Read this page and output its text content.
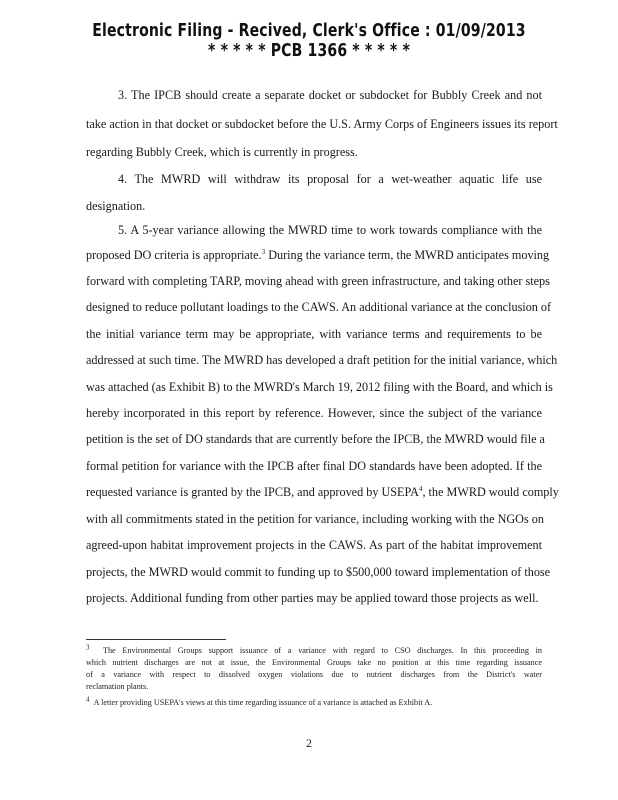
Electronic Filing - Recived, Clerk's Office : 01/09/2013
* * * * * PCB 1366 * * * * *
3. The IPCB should create a separate docket or subdocket for Bubbly Creek and not
take action in that docket or subdocket before the U.S. Army Corps of Engineers issues its report
regarding Bubbly Creek, which is currently in progress.
4. The MWRD will withdraw its proposal for a wet-weather aquatic life use
designation.
5. A 5-year variance allowing the MWRD time to work towards compliance with the
proposed DO criteria is appropriate.$^3$ During the variance term, the MWRD anticipates moving
forward with completing TARP, moving ahead with green infrastructure, and taking other steps
designed to reduce pollutant loadings to the CAWS. An additional variance at the conclusion of
the initial variance term may be appropriate, with variance terms and requirements to be
addressed at such time. The MWRD has developed a draft petition for the initial variance, which
was attached (as Exhibit B) to the MWRD's March 19, 2012 filing with the Board, and which is
hereby incorporated in this report by reference. However, since the subject of the variance
petition is the set of DO standards that are currently before the IPCB, the MWRD would file a
formal petition for variance with the IPCB after final DO standards have been adopted. If the
requested variance is granted by the IPCB, and approved by USEPA$^4$, the MWRD would comply
with all commitments stated in the petition for variance, including working with the NGOs on
agreed-upon habitat improvement projects in the CAWS. As part of the habitat improvement
projects, the MWRD would commit to funding up to $500,000 toward implementation of those
projects. Additional funding from other parties may be applied toward those projects as well.
$^3$ The Environmental Groups support issuance of a variance with regard to CSO discharges. In this proceeding in
which nutrient discharges are not at issue, the Environmental Groups take no position at this time regarding issuance
of a variance with respect to dissolved oxygen violations due to nutrient discharges from the District's water
reclamation plants.
$^4$ A letter providing USEPA's views at this time regarding issuance of a variance is attached as Exhibit A.
2
